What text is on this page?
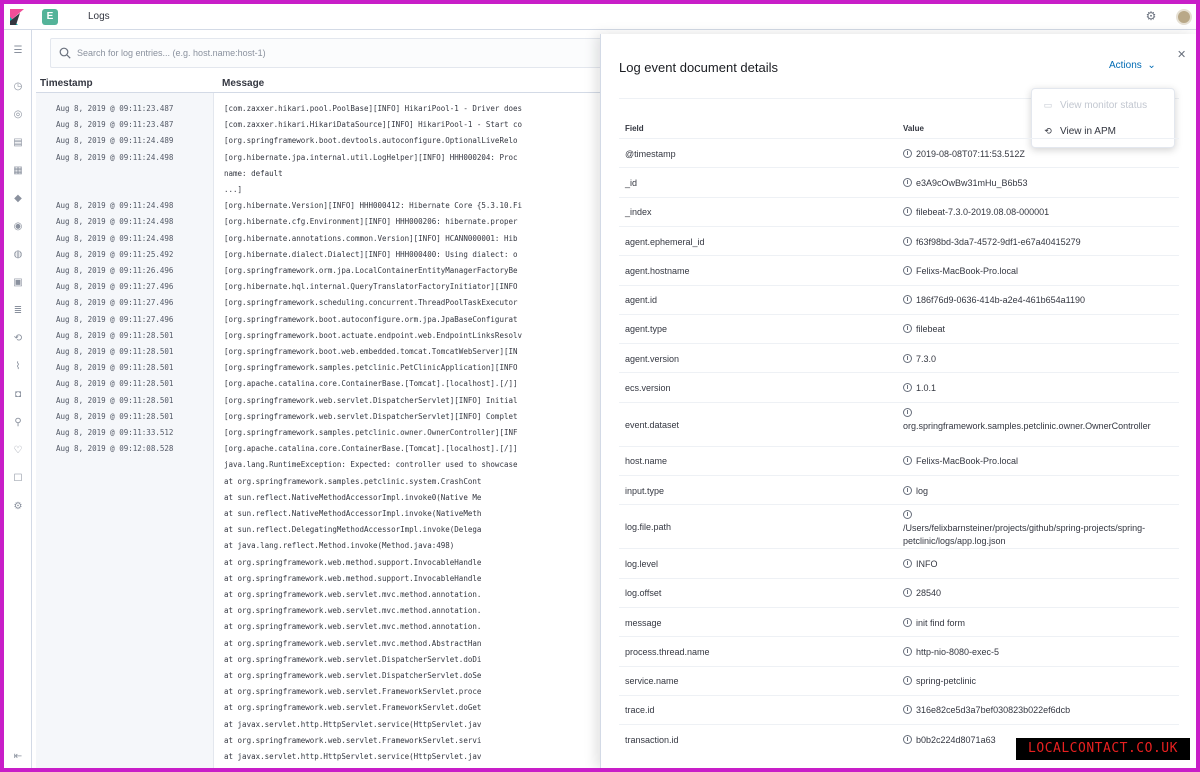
E	Logs	⚙
☰
◷
◎
▤
▦
◆
◉
◍
▣
≣
⟲
⌇
◘
⚲
♡
☐
⚙
⇤
Search for log entries... (e.g. host.name:host-1)
Timestamp	Message
Aug 8, 2019 @ 09:11:23.487	[com.zaxxer.hikari.pool.PoolBase][INFO] HikariPool-1 - Driver does
Aug 8, 2019 @ 09:11:23.487	[com.zaxxer.hikari.HikariDataSource][INFO] HikariPool-1 - Start co
Aug 8, 2019 @ 09:11:24.489	[org.springframework.boot.devtools.autoconfigure.OptionalLiveRelo
Aug 8, 2019 @ 09:11:24.498	[org.hibernate.jpa.internal.util.LogHelper][INFO] HHH000204: Proc
name: default
...]
Aug 8, 2019 @ 09:11:24.498	[org.hibernate.Version][INFO] HHH000412: Hibernate Core {5.3.10.Fi
Aug 8, 2019 @ 09:11:24.498	[org.hibernate.cfg.Environment][INFO] HHH000206: hibernate.proper
Aug 8, 2019 @ 09:11:24.498	[org.hibernate.annotations.common.Version][INFO] HCANN000001: Hib
Aug 8, 2019 @ 09:11:25.492	[org.hibernate.dialect.Dialect][INFO] HHH000400: Using dialect: o
Aug 8, 2019 @ 09:11:26.496	[org.springframework.orm.jpa.LocalContainerEntityManagerFactoryBe
Aug 8, 2019 @ 09:11:27.496	[org.hibernate.hql.internal.QueryTranslatorFactoryInitiator][INFO
Aug 8, 2019 @ 09:11:27.496	[org.springframework.scheduling.concurrent.ThreadPoolTaskExecutor
Aug 8, 2019 @ 09:11:27.496	[org.springframework.boot.autoconfigure.orm.jpa.JpaBaseConfigurat
Aug 8, 2019 @ 09:11:28.501	[org.springframework.boot.actuate.endpoint.web.EndpointLinksResolv
Aug 8, 2019 @ 09:11:28.501	[org.springframework.boot.web.embedded.tomcat.TomcatWebServer][IN
Aug 8, 2019 @ 09:11:28.501	[org.springframework.samples.petclinic.PetClinicApplication][INFO
Aug 8, 2019 @ 09:11:28.501	[org.apache.catalina.core.ContainerBase.[Tomcat].[localhost].[/]]
Aug 8, 2019 @ 09:11:28.501	[org.springframework.web.servlet.DispatcherServlet][INFO] Initial
Aug 8, 2019 @ 09:11:28.501	[org.springframework.web.servlet.DispatcherServlet][INFO] Complet
Aug 8, 2019 @ 09:11:33.512	[org.springframework.samples.petclinic.owner.OwnerController][INF
Aug 8, 2019 @ 09:12:08.528	[org.apache.catalina.core.ContainerBase.[Tomcat].[localhost].[/]]
java.lang.RuntimeException: Expected: controller used to showcase
at org.springframework.samples.petclinic.system.CrashCont
at sun.reflect.NativeMethodAccessorImpl.invoke0(Native Me
at sun.reflect.NativeMethodAccessorImpl.invoke(NativeMeth
at sun.reflect.DelegatingMethodAccessorImpl.invoke(Delega
at java.lang.reflect.Method.invoke(Method.java:498)
at org.springframework.web.method.support.InvocableHandle
at org.springframework.web.method.support.InvocableHandle
at org.springframework.web.servlet.mvc.method.annotation.
at org.springframework.web.servlet.mvc.method.annotation.
at org.springframework.web.servlet.mvc.method.annotation.
at org.springframework.web.servlet.mvc.method.AbstractHan
at org.springframework.web.servlet.DispatcherServlet.doDi
at org.springframework.web.servlet.DispatcherServlet.doSe
at org.springframework.web.servlet.FrameworkServlet.proce
at org.springframework.web.servlet.FrameworkServlet.doGet
at javax.servlet.http.HttpServlet.service(HttpServlet.jav
at org.springframework.web.servlet.FrameworkServlet.servi
at javax.servlet.http.HttpServlet.service(HttpServlet.jav
Log event document details	Actions  ⌄
✕
▭ View monitor status
⟲ View in APM
Field	Value
@timestamp	2019-08-08T07:11:53.512Z
_id	e3A9cOwBw31mHu_B6b53
_index	filebeat-7.3.0-2019.08.08-000001
agent.ephemeral_id	f63f98bd-3da7-4572-9df1-e67a40415279
agent.hostname	Felixs-MacBook-Pro.local
agent.id	186f76d9-0636-414b-a2e4-461b654a1190
agent.type	filebeat
agent.version	7.3.0
ecs.version	1.0.1
event.dataset	org.springframework.samples.petclinic.owner.OwnerController
host.name	Felixs-MacBook-Pro.local
input.type	log
log.file.path	/Users/felixbarnsteiner/projects/github/spring-projects/spring-petclinic/logs/app.log.json
log.level	INFO
log.offset	28540
message	init find form
process.thread.name	http-nio-8080-exec-5
service.name	spring-petclinic
trace.id	316e82ce5d3a7bef030823b022ef6dcb
transaction.id	b0b2c224d8071a63
LOCALCONTACT.CO.UK
